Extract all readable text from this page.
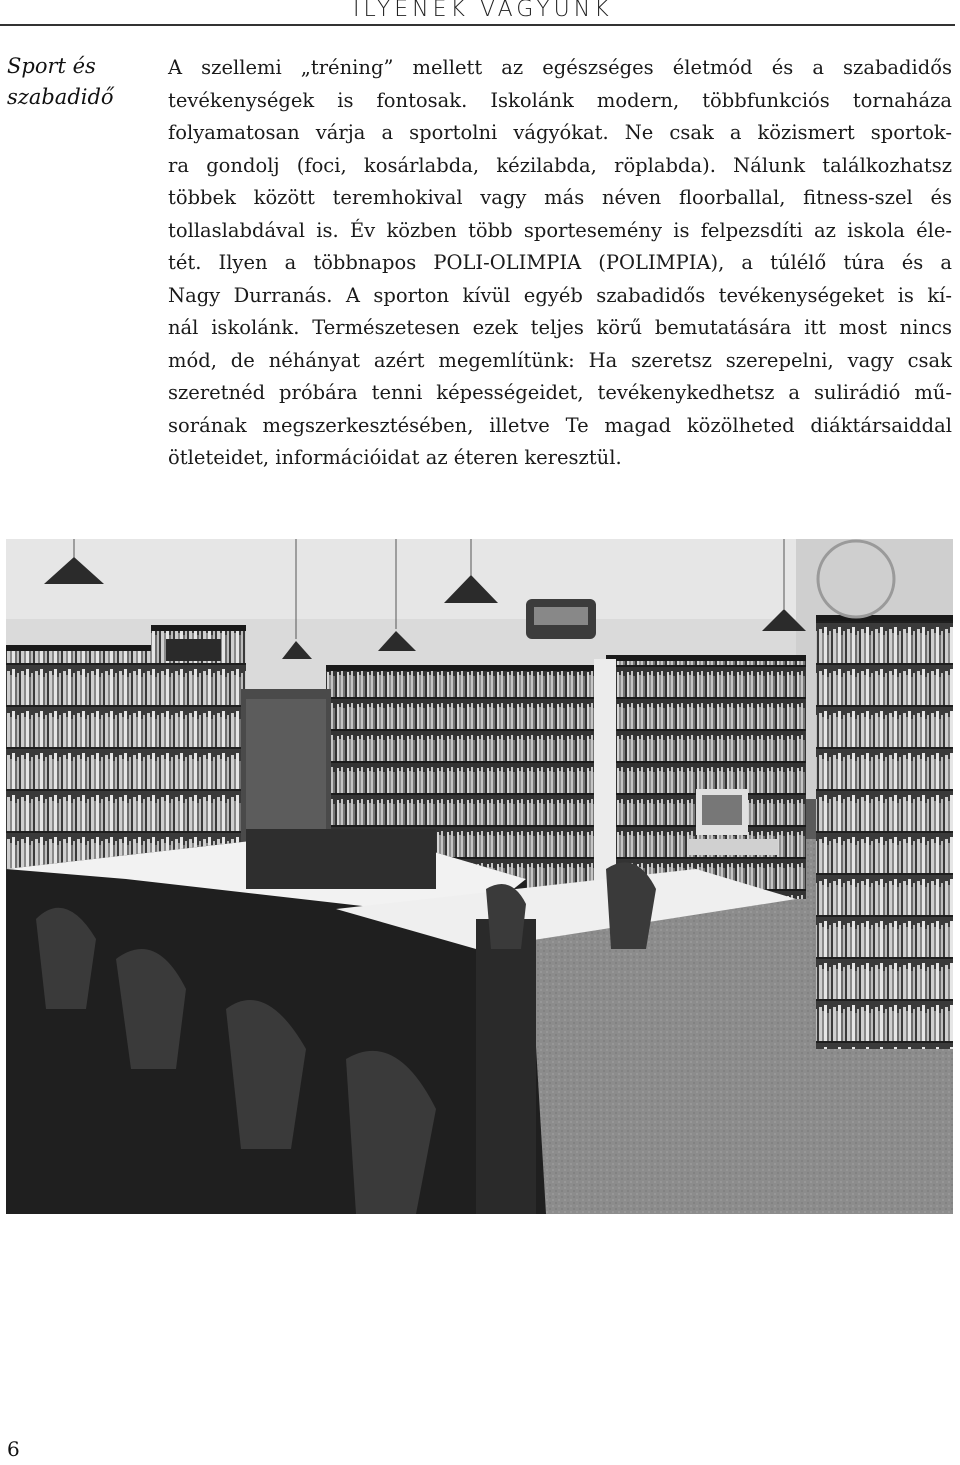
ILYENEK VAGYUNK
Sport és
szabadidő
A szellemi „tréning” mellett az egészséges életmód és a szabadidős
tevékenységek is fontosak. Iskolánk modern, többfunkciós tornaháza
folyamatosan várja a sportolni vágyókat. Ne csak a közismert sportok-
ra gondolj (foci, kosárlabda, kézilabda, röplabda). Nálunk találkozhatsz
többek között teremhokival vagy más néven floorballal, fitness-szel és
tollaslabdával is. Év közben több sportesemény is felpezsdíti az iskola éle-
tét. Ilyen a többnapos POLI-OLIMPIA (POLIMPIA), a túlélő túra és a
Nagy Durranás. A sporton kívül egyéb szabadidős tevékenységeket is kí-
nál iskolánk. Természetesen ezek teljes körű bemutatására itt most nincs
mód, de néhányat azért megemlítünk: Ha szeretsz szerepelni, vagy csak
szeretnéd próbára tenni képességeidet, tevékenykedhetsz a sulirádió mű-
sorának megszerkesztésében, illetve Te magad közölheted diáktársaiddal
ötleteidet, információidat az éteren keresztül.
6
